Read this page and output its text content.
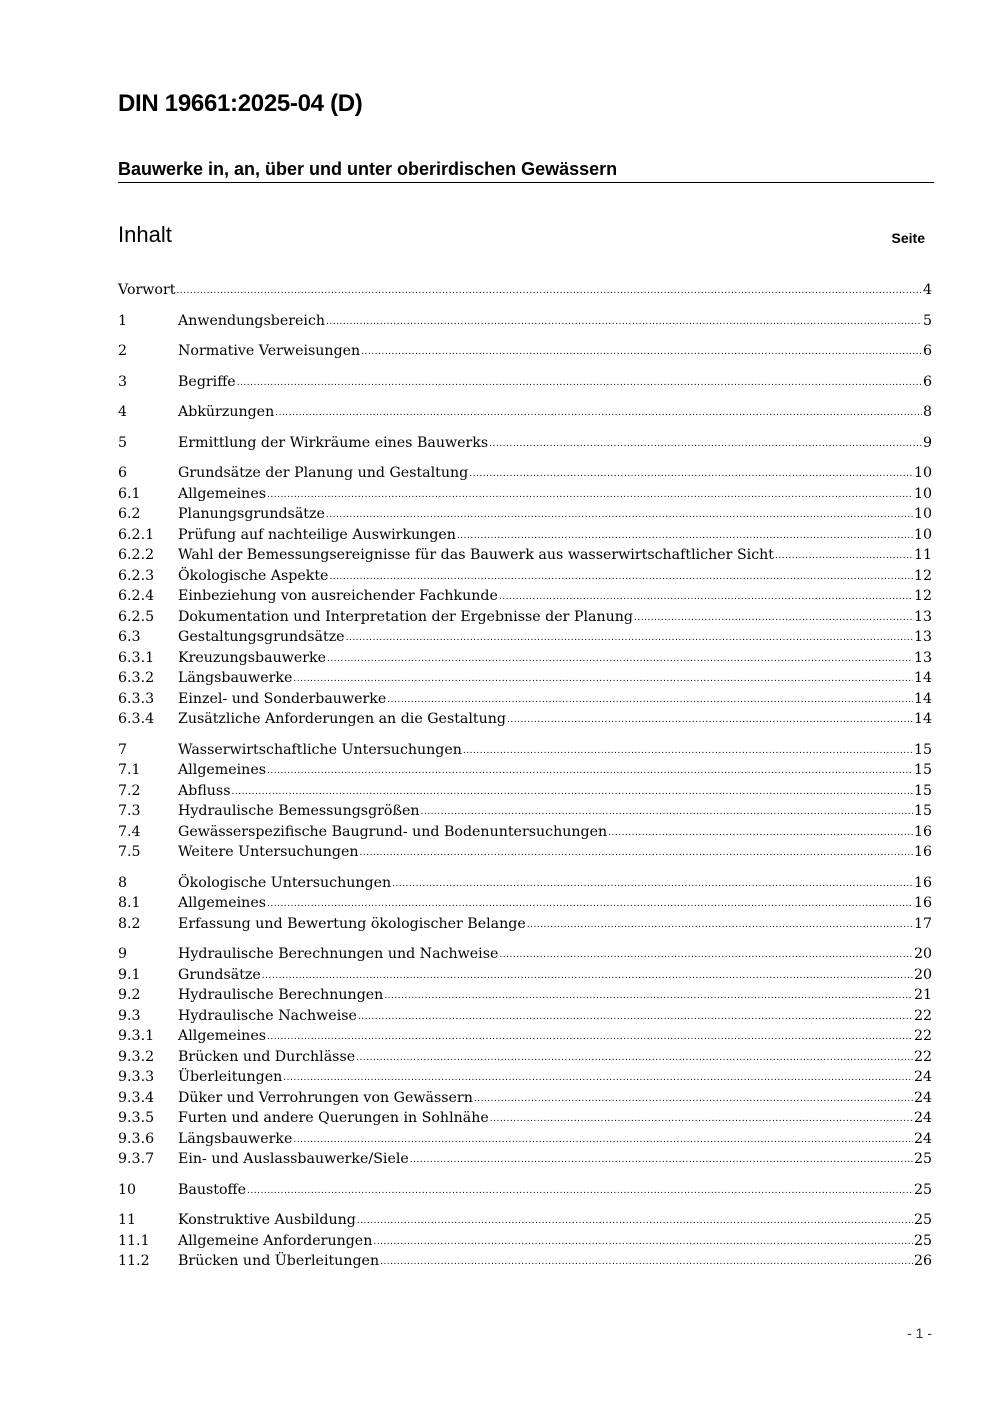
DIN 19661:2025-04 (D)
Bauwerke in, an, über und unter oberirdischen Gewässern
Inhalt	Seite
Vorwort .....	4
1	Anwendungsbereich .....	5
2	Normative Verweisungen .....	6
3	Begriffe .....	6
4	Abkürzungen .....	8
5	Ermittlung der Wirkräume eines Bauwerks .....	9
6	Grundsätze der Planung und Gestaltung .....	10
6.1	Allgemeines .....	10
6.2	Planungsgrundsätze .....	10
6.2.1 Prüfung auf nachteilige Auswirkungen .....	10
6.2.2 Wahl der Bemessungsereignisse für das Bauwerk aus wasserwirtschaftlicher Sicht .....	11
6.2.3 Ökologische Aspekte .....	12
6.2.4 Einbeziehung von ausreichender Fachkunde .....	12
6.2.5 Dokumentation und Interpretation der Ergebnisse der Planung .....	13
6.3	Gestaltungsgrundsätze .....	13
6.3.1 Kreuzungsbauwerke .....	13
6.3.2 Längsbauwerke .....	14
6.3.3 Einzel- und Sonderbauwerke .....	14
6.3.4 Zusätzliche Anforderungen an die Gestaltung .....	14
7	Wasserwirtschaftliche Untersuchungen .....	15
7.1	Allgemeines .....	15
7.2	Abfluss .....	15
7.3	Hydraulische Bemessungsgrößen .....	15
7.4	Gewässerspezifische Baugrund- und Bodenuntersuchungen .....	16
7.5	Weitere Untersuchungen .....	16
8	Ökologische Untersuchungen .....	16
8.1	Allgemeines .....	16
8.2	Erfassung und Bewertung ökologischer Belange .....	17
9	Hydraulische Berechnungen und Nachweise .....	20
9.1	Grundsätze .....	20
9.2	Hydraulische Berechnungen .....	21
9.3	Hydraulische Nachweise .....	22
9.3.1 Allgemeines .....	22
9.3.2 Brücken und Durchlässe .....	22
9.3.3 Überleitungen .....	24
9.3.4 Düker und Verrohrungen von Gewässern .....	24
9.3.5 Furten und andere Querungen in Sohlnähe .....	24
9.3.6 Längsbauwerke .....	24
9.3.7 Ein- und Auslassbauwerke/Siele .....	25
10	Baustoffe .....	25
11	Konstruktive Ausbildung .....	25
11.1 Allgemeine Anforderungen .....	25
11.2 Brücken und Überleitungen .....	26
- 1 -
